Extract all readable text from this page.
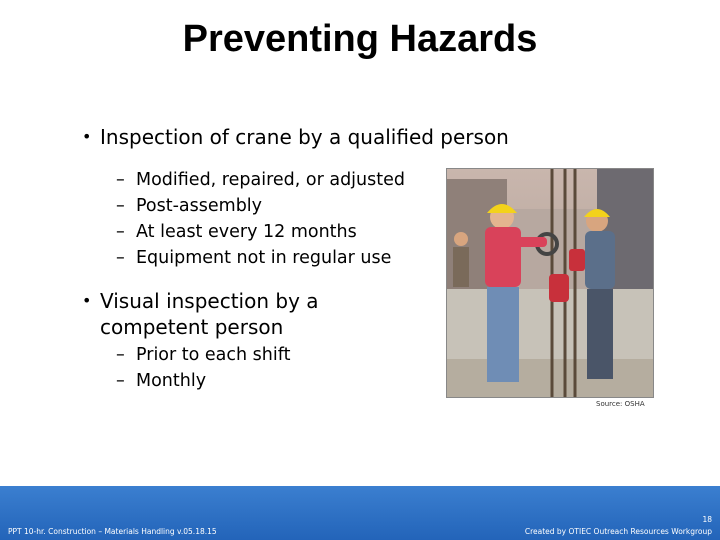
Preventing Hazards
• Inspection of crane by a qualified person
– Modified, repaired, or adjusted
– Post-assembly
– At least every 12 months
– Equipment not in regular use
• Visual inspection by a competent person
– Prior to each shift
– Monthly
Source: OSHA
PPT 10-hr. Construction – Materials Handling v.05.18.15
18
Created by OTIEC Outreach Resources Workgroup
